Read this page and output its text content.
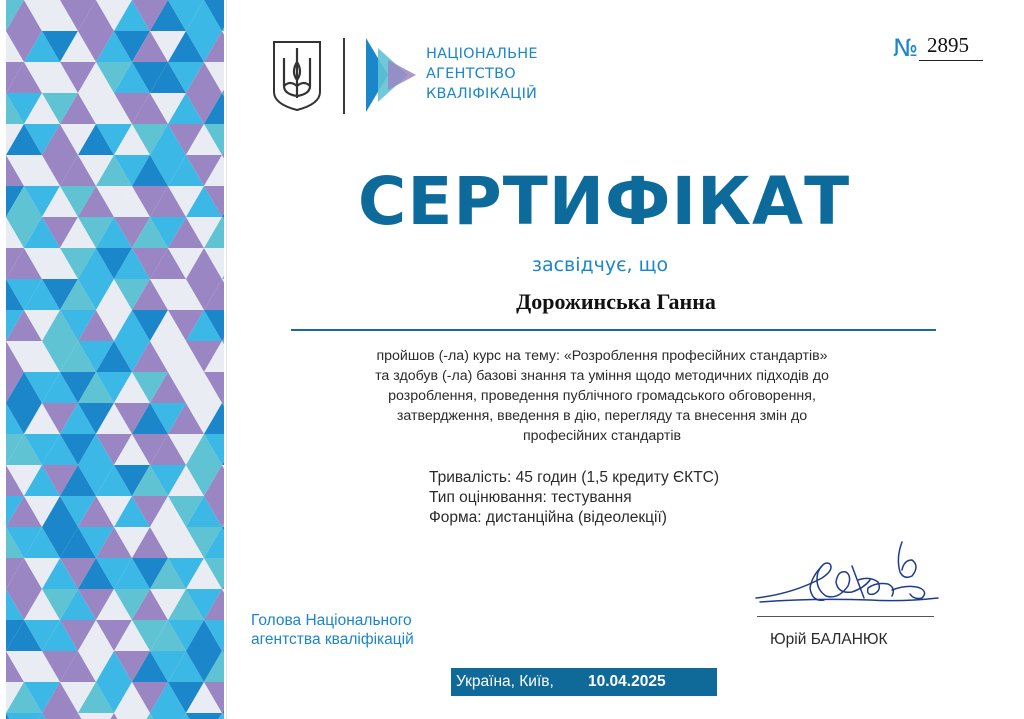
НАЦІОНАЛЬНЕ
АГЕНТСТВО
КВАЛІФІКАЦІЙ
№ 2895
СЕРТИФІКАТ
засвідчує, що
Дорожинська Ганна
пройшов (-ла) курс на тему: «Розроблення професійних стандартів»
та здобув (-ла) базові знання та уміння щодо методичних підходів до
розроблення, проведення публічного громадського обговорення,
затвердження, введення в дію, перегляду та внесення змін до
професійних стандартів
Тривалість: 45 годин (1,5 кредиту ЄКТС)
Тип оцінювання: тестування
Форма: дистанційна (відеолекції)
Голова Національного
агентства кваліфікацій	Юрій БАЛАНЮК
Україна, Київ, 10.04.2025
